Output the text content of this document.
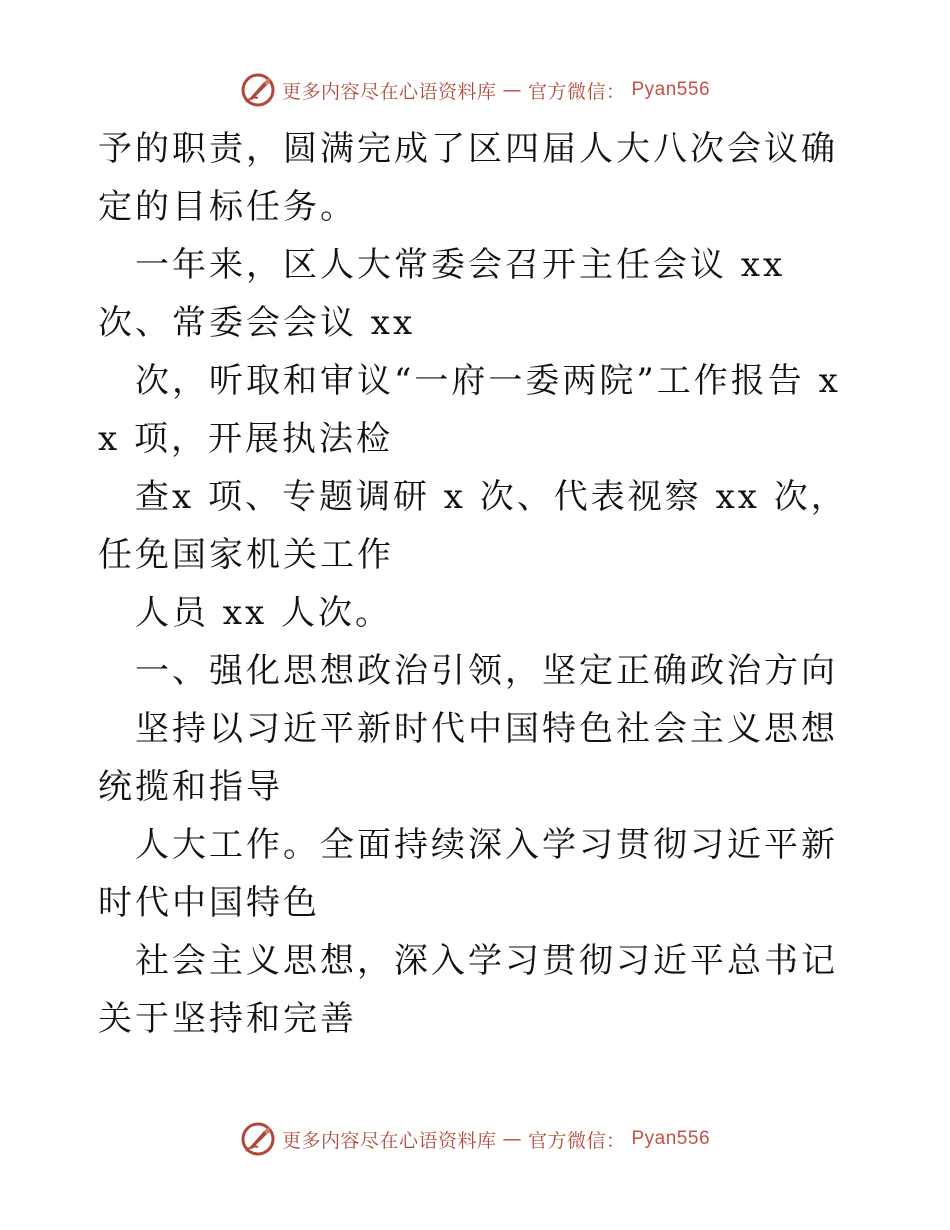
更多内容尽在心语资料库 — 官方微信： Pyan556

予的职责，圆满完成了区四届人大八次会议确定的目标任务。

一年来，区人大常委会召开主任会议 xx 次、常委会会议 xx

次，听取和审议“一府一委两院”工作报告 xx 项，开展执法检

查x 项、专题调研 x 次、代表视察 xx 次，任免国家机关工作

人员 xx 人次。

一、强化思想政治引领，坚定正确政治方向

坚持以习近平新时代中国特色社会主义思想统揽和指导

人大工作。全面持续深入学习贯彻习近平新时代中国特色

社会主义思想，深入学习贯彻习近平总书记关于坚持和完善

更多内容尽在心语资料库 — 官方微信： Pyan556
